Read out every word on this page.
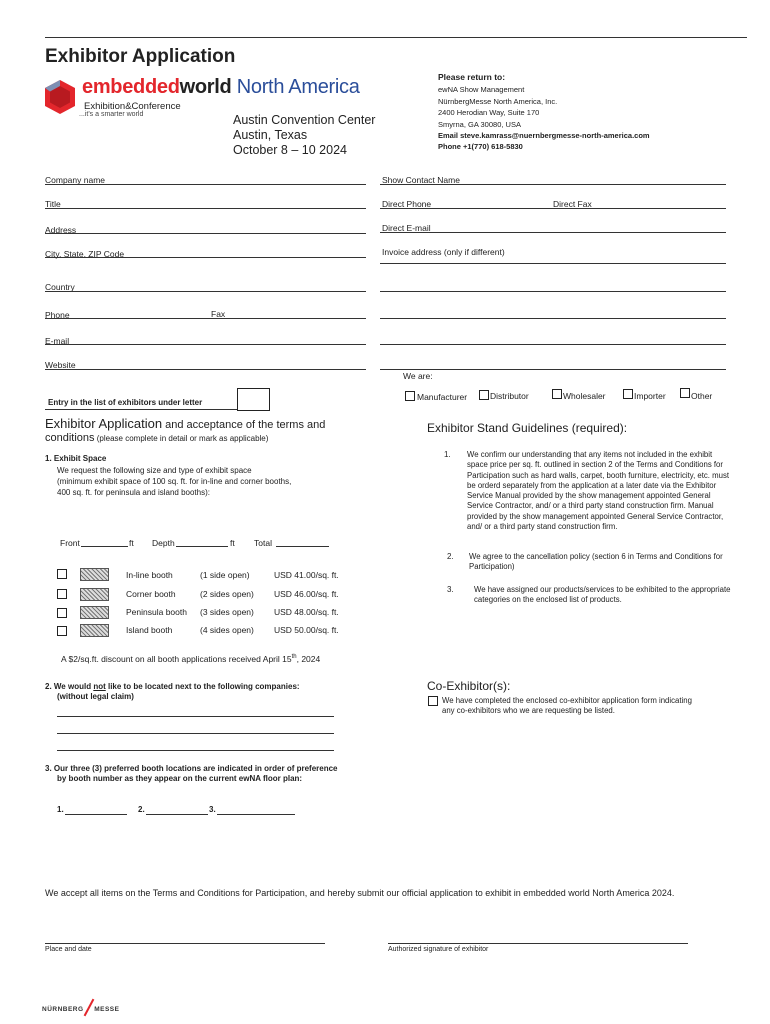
Exhibitor Application
embeddedworld North America
Exhibition&Conference
...it's a smarter world	Austin Convention Center
Austin, Texas
October 8 – 10 2024
Please return to:
ewNA Show Management
NürnbergMesse North America, Inc.
2400 Herodian Way, Suite 170
Smyrna, GA 30080, USA
Email steve.kamrass@nuernbergmesse-north-america.com
Phone +1(770) 618-5830
Company name
Title
Address
City, State, ZIP Code
Country
Phone	Fax
E-mail
Website
Entry in the list of exhibitors under letter
Show Contact Name
Direct Phone	Direct Fax
Direct E-mail
Invoice address (only if different)
We are:
Manufacturer	Distributor	Wholesaler	Importer	Other
Exhibitor Application and acceptance of the terms and
conditions (please complete in detail or mark as applicable)
1. Exhibit Space
We request the following size and type of exhibit space
(minimum exhibit space of 100 sq. ft. for in-line and corner booths,
400 sq. ft. for peninsula and island booths):
Front	ft Depth	ft Total
In-line booth	(1 side open)	USD 41.00/sq. ft.
Corner booth	(2 sides open) USD 46.00/sq. ft.
Peninsula booth (3 sides open) USD 48.00/sq. ft.
Island booth	(4 sides open) USD 50.00/sq. ft.
A $2/sq.ft. discount on all booth applications received April 15th, 2024
2. We would not like to be located next to the following companies:
(without legal claim)
3. Our three (3) preferred booth locations are indicated in order of preference
by booth number as they appear on the current ewNA floor plan:
1.	2.	3.
Exhibitor Stand Guidelines (required):
1. We confirm our understanding that any items not included in the exhibit
space price per sq. ft. outlined in section 2 of the Terms and Conditions for
Participation such as hard walls, carpet, booth furniture, electricity, etc. must
be orderd separately from the application at a later date via the Exhibitor
Service Manual provided by the show management appointed General
Service Contractor, and/ or a third party stand construction firm. Manual
provided by the show management appointed General Service Contractor,
and/ or a third party stand construction firm.
2. We agree to the cancellation policy (section 6 in Terms and Conditions for
Participation)
3.	We have assigned our products/services to be exhibited to the appropriate
categories on the enclosed list of products.
Co-Exhibitor(s):
We have completed the enclosed co-exhibitor application form indicating
any co-exhibitors who we are requesting be listed.
We accept all items on the Terms and Conditions for Participation, and hereby submit our official application to exhibit in embedded world North America 2024.
Place and date	Authorized signature of exhibitor
NÜRNBERG MESSE
